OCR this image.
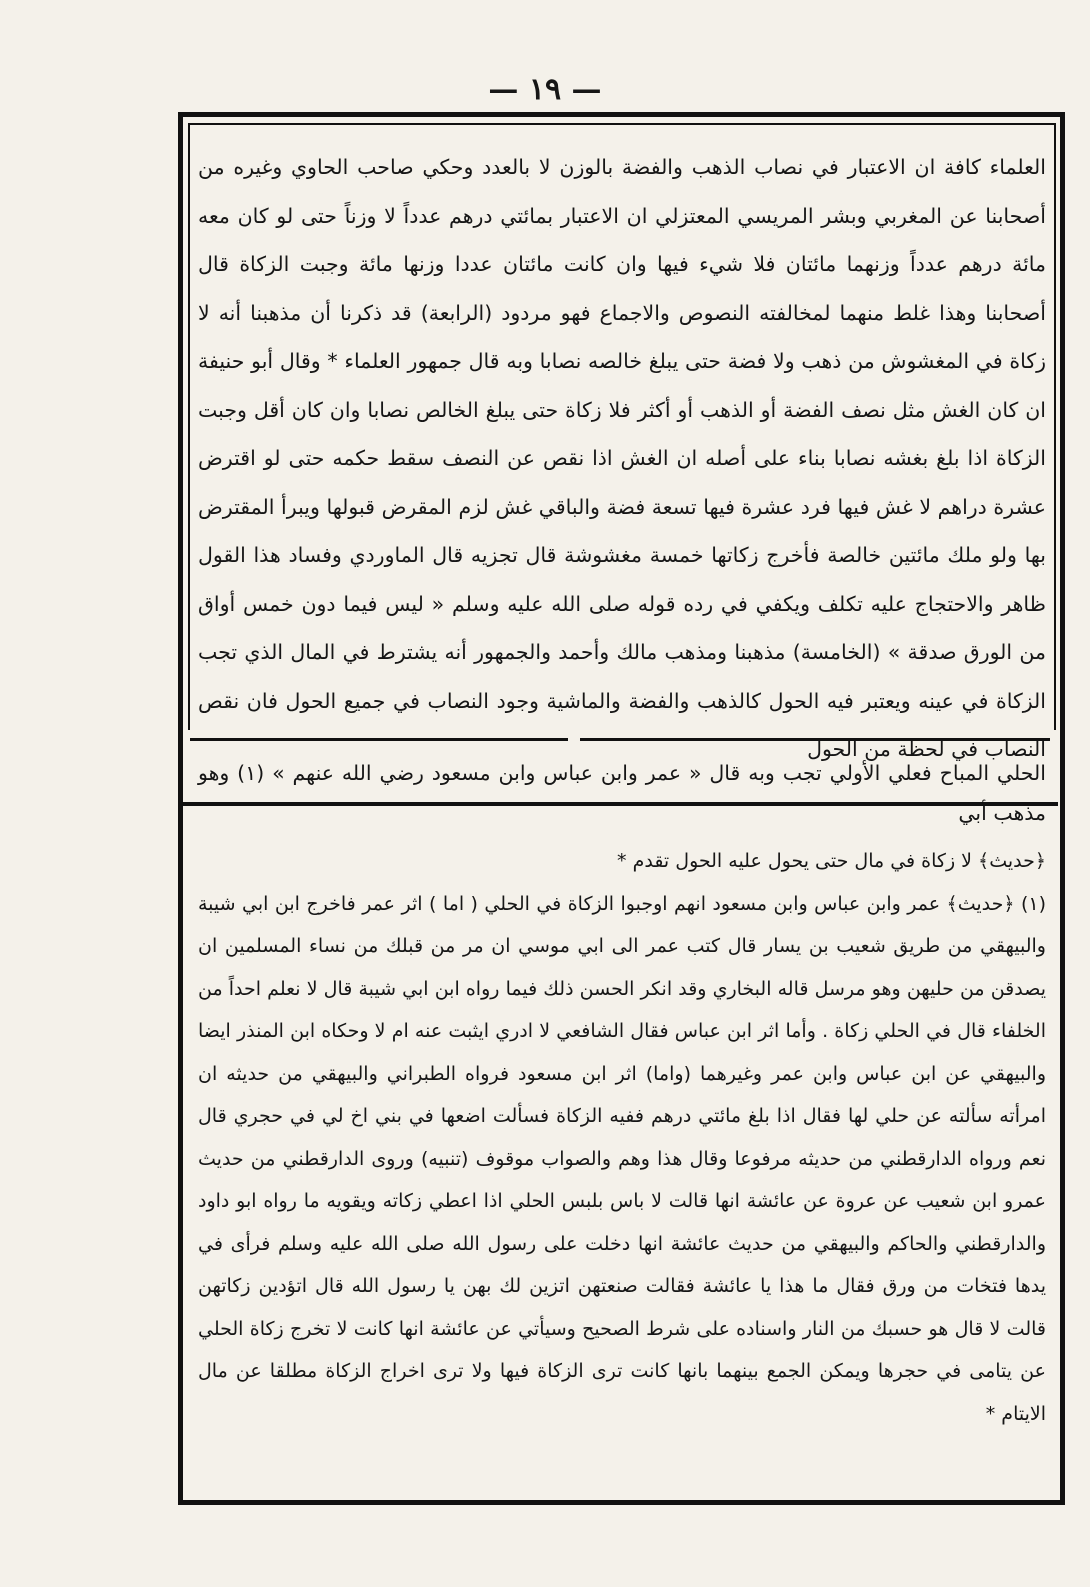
— ١٩ —

العلماء كافة ان الاعتبار في نصاب الذهب والفضة بالوزن لا بالعدد وحكي صاحب الحاوي وغيره من أصحابنا عن المغربي وبشر المريسي المعتزلي ان الاعتبار بمائتي درهم عدداً لا وزناً حتى لو كان معه مائة درهم عدداً وزنهما مائتان فلا شيء فيها وان كانت مائتان عددا وزنها مائة وجبت الزكاة قال أصحابنا وهذا غلط منهما لمخالفته النصوص والاجماع فهو مردود (الرابعة) قد ذكرنا أن مذهبنا أنه لا زكاة في المغشوش من ذهب ولا فضة حتى يبلغ خالصه نصابا وبه قال جمهور العلماء * وقال أبو حنيفة ان كان الغش مثل نصف الفضة أو الذهب أو أكثر فلا زكاة حتى يبلغ الخالص نصابا وان كان أقل وجبت الزكاة اذا بلغ بغشه نصابا بناء على أصله ان الغش اذا نقص عن النصف سقط حكمه حتى لو اقترض عشرة دراهم لا غش فيها فرد عشرة فيها تسعة فضة والباقي غش لزم المقرض قبولها ويبرأ المقترض بها ولو ملك مائتين خالصة فأخرج زكاتها خمسة مغشوشة قال تجزيه قال الماوردي وفساد هذا القول ظاهر والاحتجاج عليه تكلف ويكفي في رده قوله صلى الله عليه وسلم « ليس فيما دون خمس أواق من الورق صدقة » (الخامسة) مذهبنا ومذهب مالك وأحمد والجمهور أنه يشترط في المال الذي تجب الزكاة في عينه ويعتبر فيه الحول كالذهب والفضة والماشية وجود النصاب في جميع الحول فان نقص النصاب في لحظة من الحول

الحلي المباح فعلي الأولي تجب وبه قال « عمر وابن عباس وابن مسعود رضي الله عنهم » (١) وهو مذهب أبي

﴿حديث﴾ لا زكاة في مال حتى يحول عليه الحول تقدم *

(١) ﴿حديث﴾ عمر وابن عباس وابن مسعود انهم اوجبوا الزكاة في الحلي ( اما ) اثر عمر فاخرج ابن ابي شيبة والبيهقي من طريق شعيب بن يسار قال كتب عمر الى ابي موسي ان مر من قبلك من نساء المسلمين ان يصدقن من حليهن وهو مرسل قاله البخاري وقد انكر الحسن ذلك فيما رواه ابن ابي شيبة قال لا نعلم احداً من الخلفاء قال في الحلي زكاة . وأما اثر ابن عباس فقال الشافعي لا ادري ايثبت عنه ام لا وحكاه ابن المنذر ايضا والبيهقي عن ابن عباس وابن عمر وغيرهما (واما) اثر ابن مسعود فرواه الطبراني والبيهقي من حديثه ان امرأته سألته عن حلي لها فقال اذا بلغ مائتي درهم ففيه الزكاة فسألت اضعها في بني اخ لي في حجري قال نعم ورواه الدارقطني من حديثه مرفوعا وقال هذا وهم والصواب موقوف (تنبيه) وروى الدارقطني من حديث عمرو ابن شعيب عن عروة عن عائشة انها قالت لا باس بلبس الحلي اذا اعطي زكاته ويقويه ما رواه ابو داود والدارقطني والحاكم والبيهقي من حديث عائشة انها دخلت على رسول الله صلى الله عليه وسلم فرأى في يدها فتخات من ورق فقال ما هذا يا عائشة فقالت صنعتهن اتزين لك بهن يا رسول الله قال اتؤدين زكاتهن قالت لا قال هو حسبك من النار واسناده على شرط الصحيح وسيأتي عن عائشة انها كانت لا تخرج زكاة الحلي عن يتامى في حجرها ويمكن الجمع بينهما بانها كانت ترى الزكاة فيها ولا ترى اخراج الزكاة مطلقا عن مال الايتام *
